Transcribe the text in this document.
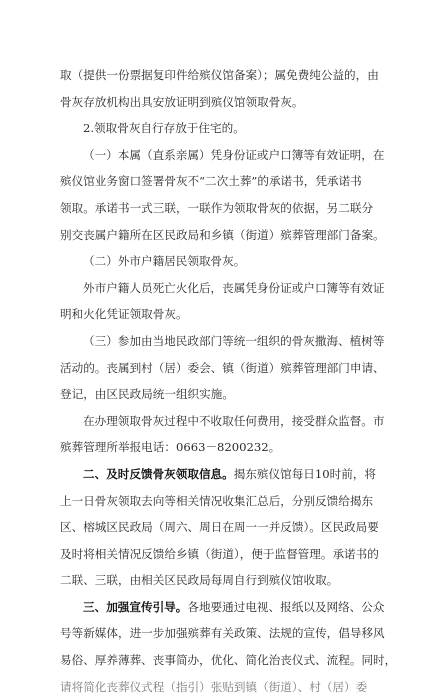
取（提供一份票据复印件给殡仪馆备案）；属免费纯公益的，由
骨灰存放机构出具安放证明到殡仪馆领取骨灰。
2.领取骨灰自行存放于住宅的。
（一）本属（直系亲属）凭身份证或户口簿等有效证明，在
殡仪馆业务窗口签署骨灰不“二次土葬”的承诺书，凭承诺书
领取。承诺书一式三联，一联作为领取骨灰的依据，另二联分
别交丧属户籍所在区民政局和乡镇（街道）殡葬管理部门备案。
（二）外市户籍居民领取骨灰。
外市户籍人员死亡火化后，丧属凭身份证或户口簿等有效证
明和火化凭证领取骨灰。
（三）参加由当地民政部门等统一组织的骨灰撒海、植树等
活动的。丧属到村（居）委会、镇（街道）殡葬管理部门申请、
登记，由区民政局统一组织实施。
在办理领取骨灰过程中不收取任何费用，接受群众监督。市
殡葬管理所举报电话：0663－8200232。
二、及时反馈骨灰领取信息。揭东殡仪馆每日10时前，将
上一日骨灰领取去向等相关情况收集汇总后，分别反馈给揭东
区、榕城区民政局（周六、周日在周一一并反馈）。区民政局要
及时将相关情况反馈给乡镇（街道），便于监督管理。承诺书的
二联、三联，由相关区民政局每周自行到殡仪馆收取。
三、加强宣传引导。各地要通过电视、报纸以及网络、公众
号等新媒体，进一步加强殡葬有关政策、法规的宣传，倡导移风
易俗、厚养薄葬、丧事简办，优化、简化治丧仪式、流程。同时，
请将简化丧葬仪式程（指引）张贴到镇（街道）、村（居）委
